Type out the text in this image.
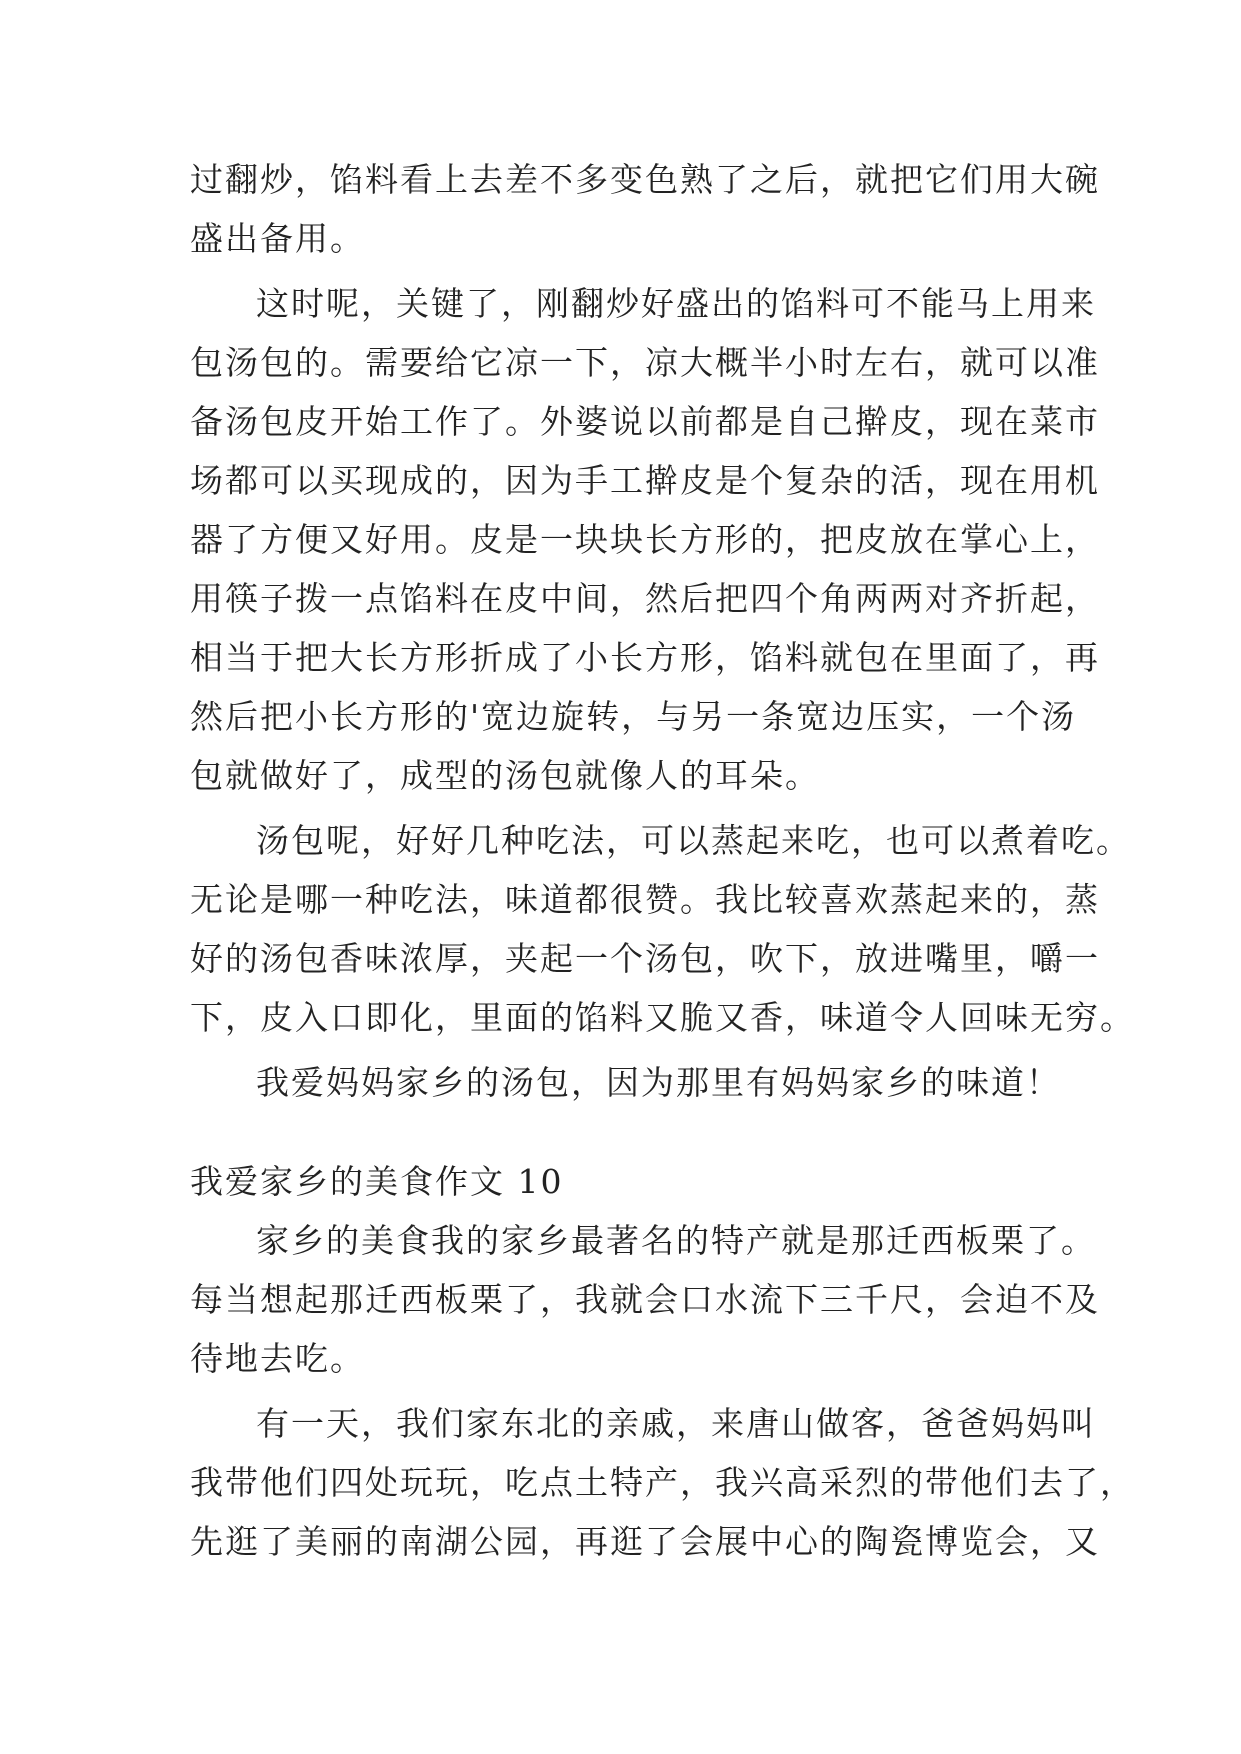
过翻炒，馅料看上去差不多变色熟了之后，就把它们用大碗
盛出备用。
这时呢，关键了，刚翻炒好盛出的馅料可不能马上用来
包汤包的。需要给它凉一下，凉大概半小时左右，就可以准
备汤包皮开始工作了。外婆说以前都是自己擀皮，现在菜市
场都可以买现成的，因为手工擀皮是个复杂的活，现在用机
器了方便又好用。皮是一块块长方形的，把皮放在掌心上，
用筷子拨一点馅料在皮中间，然后把四个角两两对齐折起，
相当于把大长方形折成了小长方形，馅料就包在里面了，再
然后把小长方形的'宽边旋转，与另一条宽边压实，一个汤
包就做好了，成型的汤包就像人的耳朵。
汤包呢，好好几种吃法，可以蒸起来吃，也可以煮着吃。
无论是哪一种吃法，味道都很赞。我比较喜欢蒸起来的，蒸
好的汤包香味浓厚，夹起一个汤包，吹下，放进嘴里，嚼一
下，皮入口即化，里面的馅料又脆又香，味道令人回味无穷。
我爱妈妈家乡的汤包，因为那里有妈妈家乡的味道！
我爱家乡的美食作文 10
家乡的美食我的家乡最著名的特产就是那迁西板栗了。
每当想起那迁西板栗了，我就会口水流下三千尺，会迫不及
待地去吃。
有一天，我们家东北的亲戚，来唐山做客，爸爸妈妈叫
我带他们四处玩玩，吃点土特产，我兴高采烈的带他们去了，
先逛了美丽的南湖公园，再逛了会展中心的陶瓷博览会，又
